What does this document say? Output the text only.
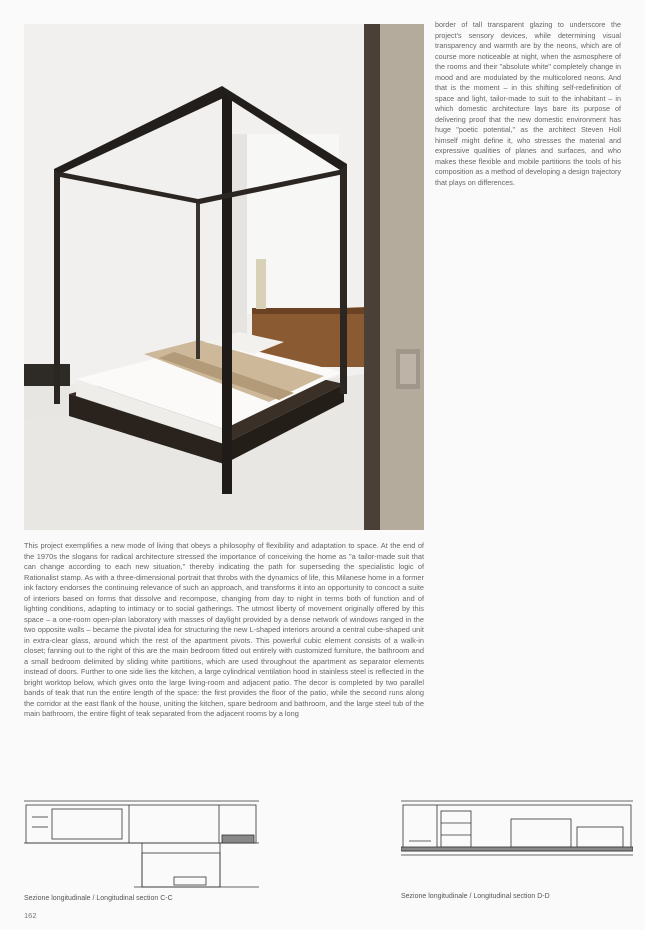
border of tall transparent glazing to underscore the project's sensory devices, while determining visual transparency and warmth are by the neons, which are of course more noticeable at night, when the asmosphere of the rooms and their "absolute white" completely change in mood and are modulated by the multicolored neons. And that is the moment – in this shifting self-redefinition of space and light, tailor-made to suit to the inhabitant – in which domestic architecture lays bare its purpose of delivering proof that the new domestic environment has huge "poetic potential," as the architect Steven Holl himself might define it, who stresses the material and expressive qualities of planes and surfaces, and who makes these flexible and mobile partitions the tools of his composition as a method of developing a design trajectory that plays on differences.

This project exemplifies a new mode of living that obeys a philosophy of flexibility and adaptation to space. At the end of the 1970s the slogans for radical architecture stressed the importance of conceiving the home as "a tailor-made suit that can change according to each new situation," thereby indicating the path for superseding the specialistic logic of Rationalist stamp. As with a three-dimensional portrait that throbs with the dynamics of life, this Milanese home in a former ink factory endorses the continuing relevance of such an approach, and transforms it into an opportunity to concoct a suite of interiors based on forms that dissolve and recompose, changing from day to night in terms both of function and of lighting conditions, adapting to intimacy or to social gatherings. The utmost liberty of movement originally offered by this space – a one-room open-plan laboratory with masses of daylight provided by a dense network of windows ranged in the two opposite walls – became the pivotal idea for structuring the new L-shaped interiors around a central cube-shaped unit in extra-clear glass, around which the rest of the apartment pivots. This powerful cubic element consists of a walk-in closet; fanning out to the right of this are the main bedroom fitted out entirely with customized furniture, the bathroom and a small bedroom delimited by sliding white partitions, which are used throughout the apartment as separator elements instead of doors. Further to one side lies the kitchen, a large cylindrical ventilation hood in stainless steel is reflected in the bright worktop below, which gives onto the large living-room and adjacent patio. The decor is completed by two parallel bands of teak that run the entire length of the space: the first provides the floor of the patio, while the second runs along the corridor at the east flank of the house, uniting the kitchen, spare bedroom and bathroom, and the large steel tub of the main bathroom, the entire flight of teak separated from the adjacent rooms by a long

Sezione longitudinale / Longitudinal section C-C	Sezione longitudinale / Longitudinal section D-D
162
